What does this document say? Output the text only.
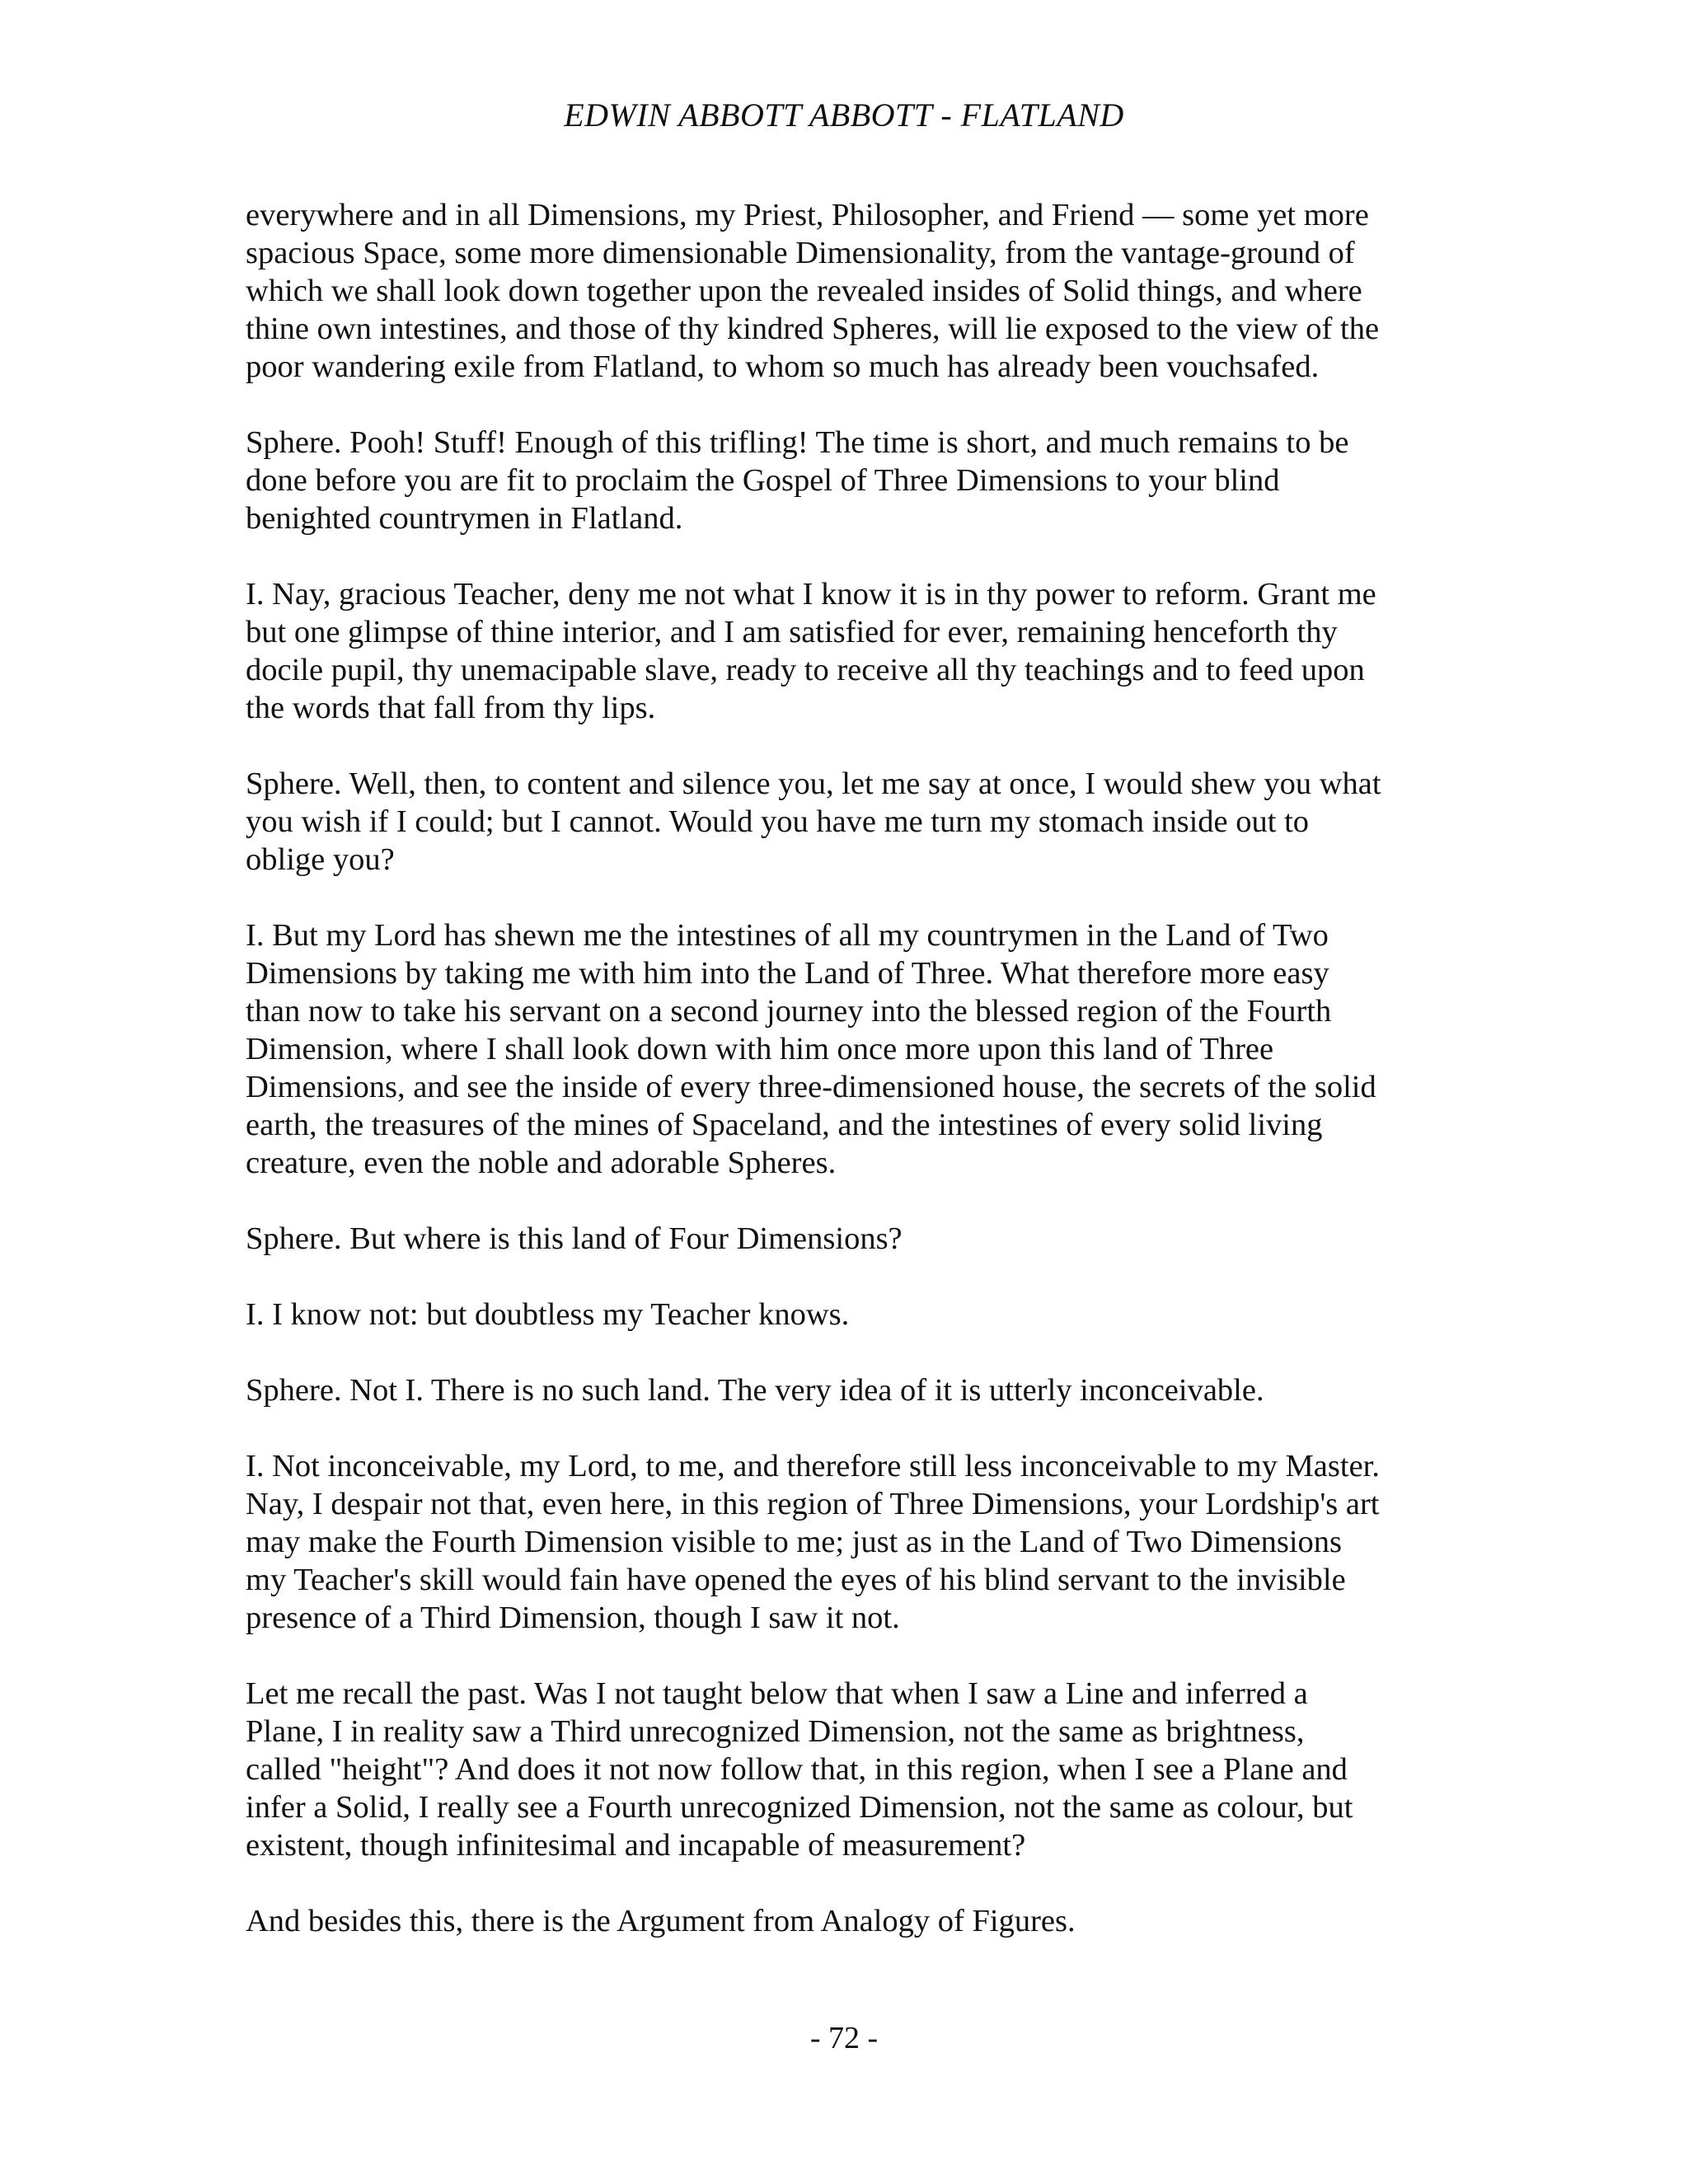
EDWIN ABBOTT ABBOTT - FLATLAND

everywhere and in all Dimensions, my Priest, Philosopher, and Friend — some yet more
spacious Space, some more dimensionable Dimensionality, from the vantage-ground of
which we shall look down together upon the revealed insides of Solid things, and where
thine own intestines, and those of thy kindred Spheres, will lie exposed to the view of the
poor wandering exile from Flatland, to whom so much has already been vouchsafed.

Sphere. Pooh! Stuff! Enough of this trifling! The time is short, and much remains to be
done before you are fit to proclaim the Gospel of Three Dimensions to your blind
benighted countrymen in Flatland.

I. Nay, gracious Teacher, deny me not what I know it is in thy power to reform. Grant me
but one glimpse of thine interior, and I am satisfied for ever, remaining henceforth thy
docile pupil, thy unemacipable slave, ready to receive all thy teachings and to feed upon
the words that fall from thy lips.

Sphere. Well, then, to content and silence you, let me say at once, I would shew you what
you wish if I could; but I cannot. Would you have me turn my stomach inside out to
oblige you?

I. But my Lord has shewn me the intestines of all my countrymen in the Land of Two
Dimensions by taking me with him into the Land of Three. What therefore more easy
than now to take his servant on a second journey into the blessed region of the Fourth
Dimension, where I shall look down with him once more upon this land of Three
Dimensions, and see the inside of every three-dimensioned house, the secrets of the solid
earth, the treasures of the mines of Spaceland, and the intestines of every solid living
creature, even the noble and adorable Spheres.

Sphere. But where is this land of Four Dimensions?

I. I know not: but doubtless my Teacher knows.

Sphere. Not I. There is no such land. The very idea of it is utterly inconceivable.

I. Not inconceivable, my Lord, to me, and therefore still less inconceivable to my Master.
Nay, I despair not that, even here, in this region of Three Dimensions, your Lordship's art
may make the Fourth Dimension visible to me; just as in the Land of Two Dimensions
my Teacher's skill would fain have opened the eyes of his blind servant to the invisible
presence of a Third Dimension, though I saw it not.

Let me recall the past. Was I not taught below that when I saw a Line and inferred a
Plane, I in reality saw a Third unrecognized Dimension, not the same as brightness,
called "height"? And does it not now follow that, in this region, when I see a Plane and
infer a Solid, I really see a Fourth unrecognized Dimension, not the same as colour, but
existent, though infinitesimal and incapable of measurement?

And besides this, there is the Argument from Analogy of Figures.

- 72 -
